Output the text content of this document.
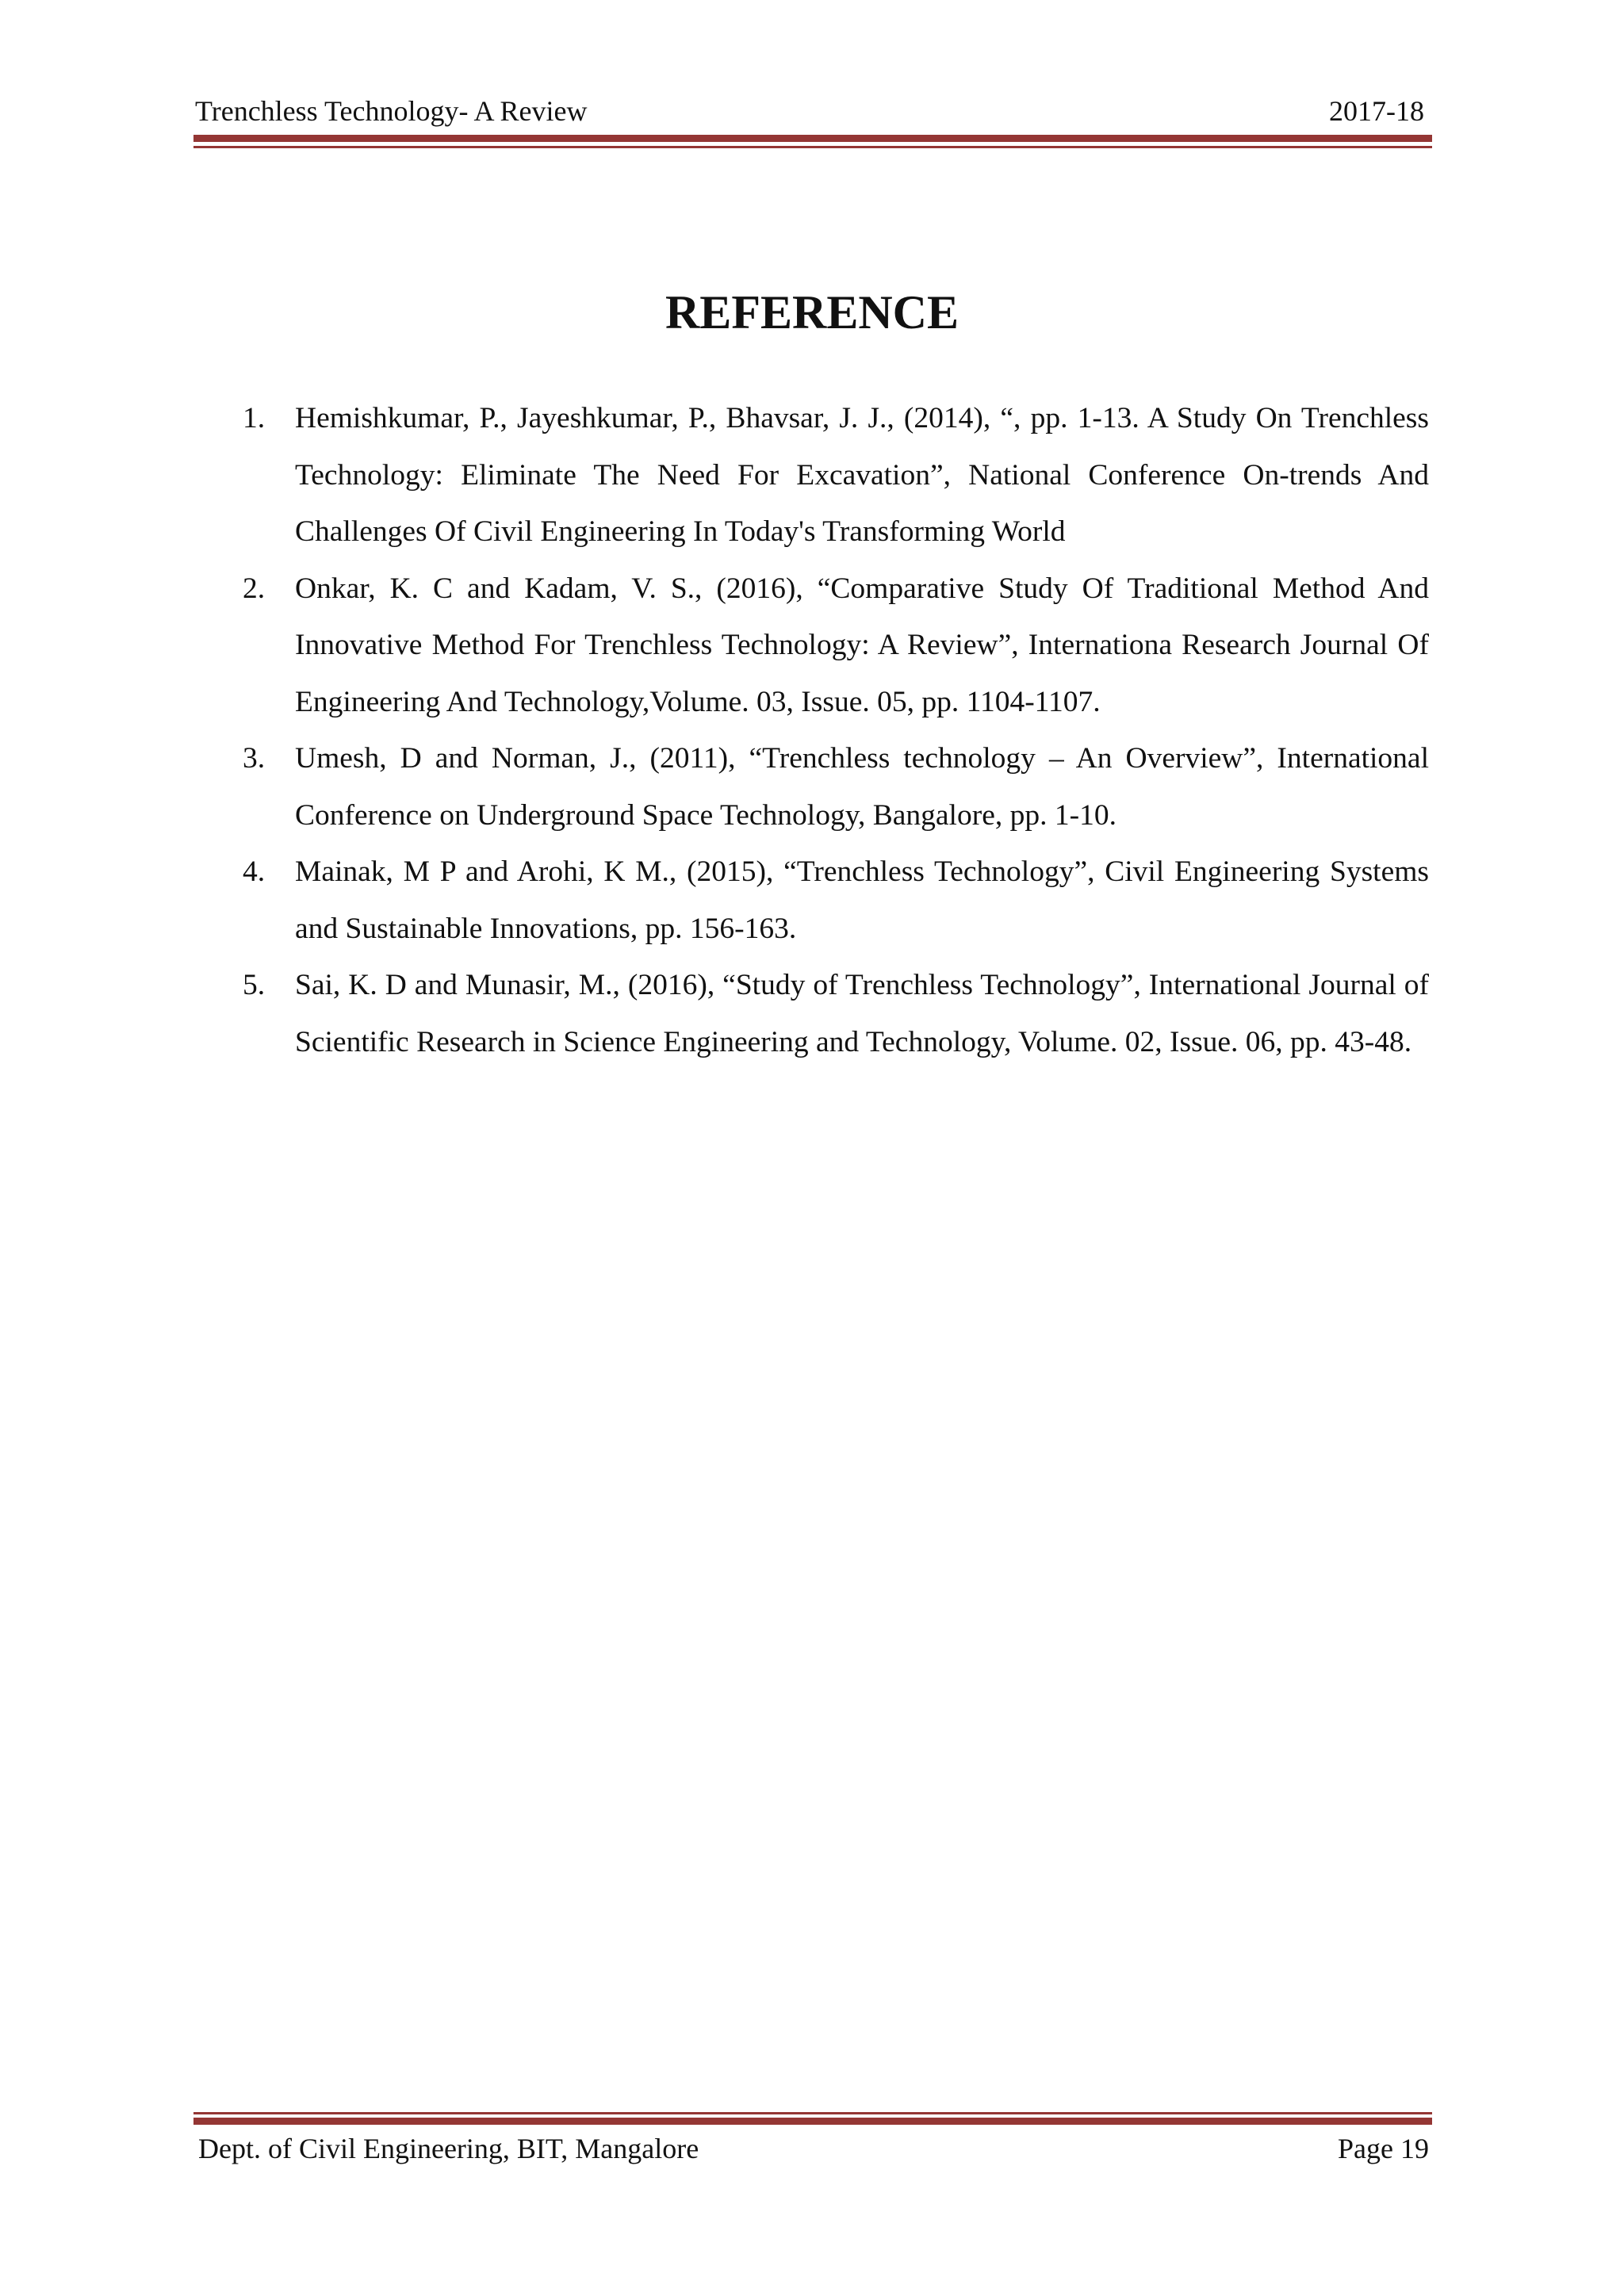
Trenchless Technology- A Review	2017-18
REFERENCE
1.	Hemishkumar, P., Jayeshkumar, P., Bhavsar, J. J., (2014), “, pp. 1-13. A Study On Trenchless Technology: Eliminate The Need For Excavation”, National Conference On-trends And Challenges Of Civil Engineering In Today's Transforming World
2.	Onkar, K. C and Kadam, V. S., (2016), “Comparative Study Of Traditional Method And Innovative Method For Trenchless Technology: A Review”, Internationa Research Journal Of Engineering And Technology,Volume. 03, Issue. 05, pp. 1104-1107.
3.	Umesh, D and Norman, J., (2011), “Trenchless technology – An Overview”, International Conference on Underground Space Technology, Bangalore, pp. 1-10.
4.	Mainak, M P and Arohi, K M., (2015), “Trenchless Technology”, Civil Engineering Systems and Sustainable Innovations, pp. 156-163.
5.	Sai, K. D and Munasir, M., (2016), “Study of Trenchless Technology”, International Journal of Scientific Research in Science Engineering and Technology, Volume. 02, Issue. 06, pp. 43-48.
Dept. of Civil Engineering, BIT, Mangalore	Page 19
